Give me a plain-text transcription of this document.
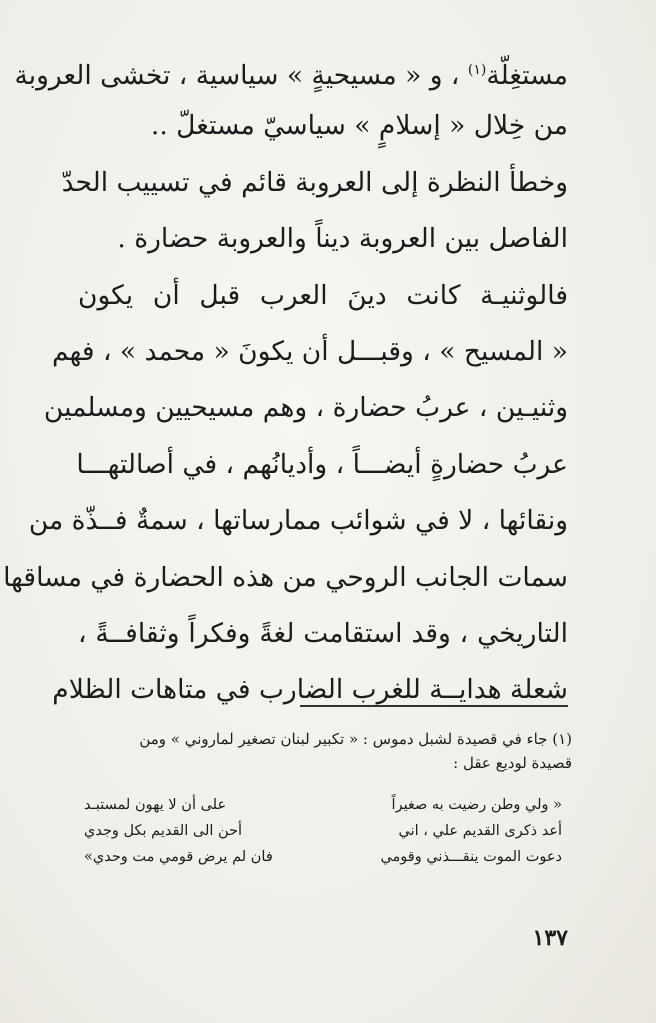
مستغِلّة$^{(١)}$ ، و « مسيحيةٍ » سياسية ، تخشى العروبة
من خِلال « إسلامٍ » سياسيّ مستغلّ ..
وخطأ النظرة إلى العروبة قائم في تسييب الحدّ
الفاصل بين العروبة ديناً والعروبة حضارة .
فالوثنيـة كانت دينَ العرب قبل أن يكون
« المسيح » ، وقبـــل أن يكونَ « محمد » ، فهم
وثنيـين ، عربُ حضارة ، وهم مسيحيين ومسلمين
عربُ حضارةٍ أيضـــاً ، وأديانُهم ، في أصالتهـــا
ونقائها ، لا في شوائب ممارساتها ، سمةٌ فــذّة من
سمات الجانب الروحي من هذه الحضارة في مساقها
التاريخي ، وقد استقامت لغةً وفكراً وثقافــةً ،
شعلة هدايــة للغرب الضارب في متاهات الظلام
(١) جاء في قصيدة لشبل دموس : « تكبير لبنان تصغير لماروني » ومن
قصيدة لوديع عقل :
« ولي وطن رضيت به صغيراً
على أن لا يهون لمستبـد
أعد ذكرى القديم علي ، اني
أحن الى القديم بكل وجدي
دعوت الموت ينقـــذني وقومي
فان لم يرض قومي مت وحدي»
١٣٧
